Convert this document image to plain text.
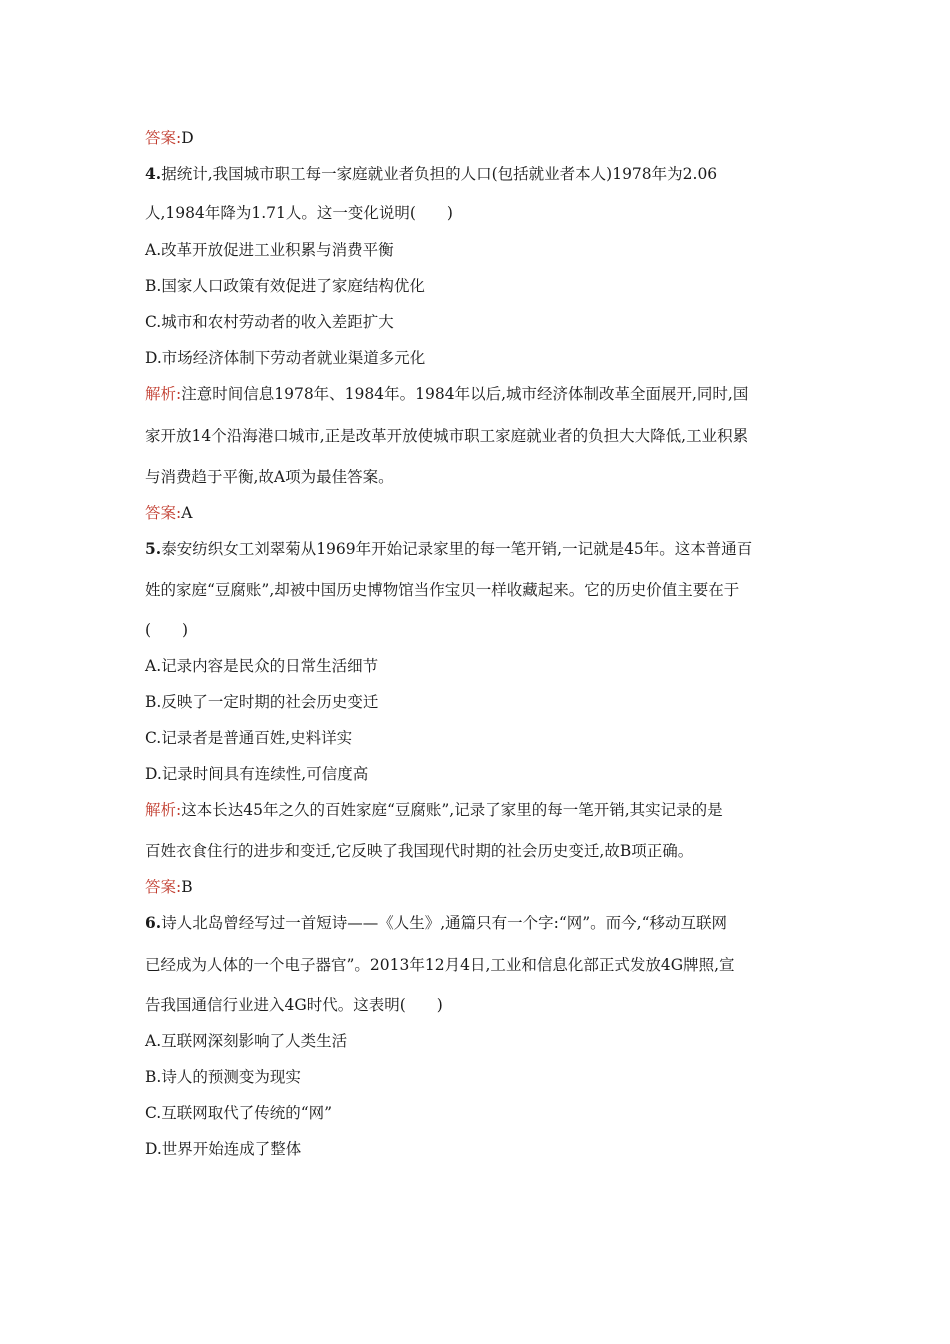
答案:D
4.据统计,我国城市职工每一家庭就业者负担的人口(包括就业者本人)1978年为2.06
人,1984年降为1.71人。这一变化说明(　　)
A.改革开放促进工业积累与消费平衡
B.国家人口政策有效促进了家庭结构优化
C.城市和农村劳动者的收入差距扩大
D.市场经济体制下劳动者就业渠道多元化
解析:注意时间信息1978年、1984年。1984年以后,城市经济体制改革全面展开,同时,国
家开放14个沿海港口城市,正是改革开放使城市职工家庭就业者的负担大大降低,工业积累
与消费趋于平衡,故A项为最佳答案。
答案:A
5.泰安纺织女工刘翠菊从1969年开始记录家里的每一笔开销,一记就是45年。这本普通百
姓的家庭“豆腐账”,却被中国历史博物馆当作宝贝一样收藏起来。它的历史价值主要在于
(　　)
A.记录内容是民众的日常生活细节
B.反映了一定时期的社会历史变迁
C.记录者是普通百姓,史料详实
D.记录时间具有连续性,可信度高
解析:这本长达45年之久的百姓家庭“豆腐账”,记录了家里的每一笔开销,其实记录的是
百姓衣食住行的进步和变迁,它反映了我国现代时期的社会历史变迁,故B项正确。
答案:B
6.诗人北岛曾经写过一首短诗——《人生》,通篇只有一个字:“网”。而今,“移动互联网
已经成为人体的一个电子器官”。2013年12月4日,工业和信息化部正式发放4G牌照,宣
告我国通信行业进入4G时代。这表明(　　)
A.互联网深刻影响了人类生活
B.诗人的预测变为现实
C.互联网取代了传统的“网”
D.世界开始连成了整体
